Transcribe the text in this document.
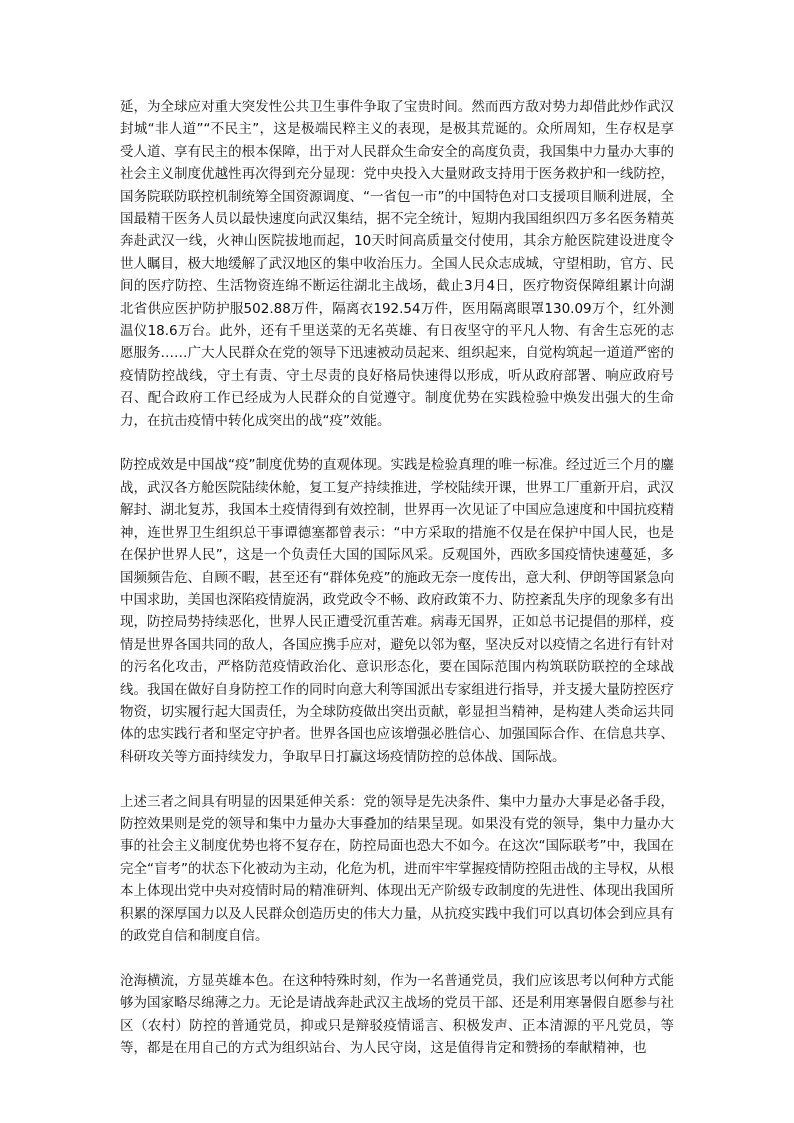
延，为全球应对重大突发性公共卫生事件争取了宝贵时间。然而西方敌对势力却借此炒作武汉封城“非人道”“不民主”，这是极端民粹主义的表现，是极其荒诞的。众所周知，生存权是享受人道、享有民主的根本保障，出于对人民群众生命安全的高度负责，我国集中力量办大事的社会主义制度优越性再次得到充分显现：党中央投入大量财政支持用于医务救护和一线防控，国务院联防联控机制统筹全国资源调度、“一省包一市”的中国特色对口支援项目顺利进展，全国最精干医务人员以最快速度向武汉集结，据不完全统计，短期内我国组织四万多名医务精英奔赴武汉一线，火神山医院拔地而起，10天时间高质量交付使用，其余方舱医院建设进度令世人瞩目，极大地缓解了武汉地区的集中收治压力。全国人民众志成城，守望相助，官方、民间的医疗防控、生活物资连绵不断运往湖北主战场，截止3月4日，医疗物资保障组累计向湖北省供应医护防护服502.88万件，隔离衣192.54万件，医用隔离眼罩130.09万个，红外测温仪18.6万台。此外，还有千里送菜的无名英雄、有日夜坚守的平凡人物、有舍生忘死的志愿服务……广大人民群众在党的领导下迅速被动员起来、组织起来，自觉构筑起一道道严密的疫情防控战线，守土有责、守土尽责的良好格局快速得以形成，听从政府部署、响应政府号召、配合政府工作已经成为人民群众的自觉遵守。制度优势在实践检验中焕发出强大的生命力，在抗击疫情中转化成突出的战“疫”效能。

防控成效是中国战“疫”制度优势的直观体现。实践是检验真理的唯一标准。经过近三个月的鏖战，武汉各方舱医院陆续休舱，复工复产持续推进，学校陆续开课，世界工厂重新开启，武汉解封、湖北复苏，我国本土疫情得到有效控制，世界再一次见证了中国应急速度和中国抗疫精神，连世界卫生组织总干事谭德塞都曾表示：“中方采取的措施不仅是在保护中国人民，也是在保护世界人民”，这是一个负责任大国的国际风采。反观国外，西欧多国疫情快速蔓延，多国频频告危、自顾不暇，甚至还有“群体免疫”的施政无奈一度传出，意大利、伊朗等国紧急向中国求助，美国也深陷疫情旋涡，政党政令不畅、政府政策不力、防控紊乱失序的现象多有出现，防控局势持续恶化，世界人民正遭受沉重苦难。病毒无国界，正如总书记提倡的那样，疫情是世界各国共同的敌人，各国应携手应对，避免以邻为壑，坚决反对以疫情之名进行有针对的污名化攻击，严格防范疫情政治化、意识形态化，要在国际范围内构筑联防联控的全球战线。我国在做好自身防控工作的同时向意大利等国派出专家组进行指导，并支援大量防控医疗物资，切实履行起大国责任，为全球防疫做出突出贡献，彰显担当精神，是构建人类命运共同体的忠实践行者和坚定守护者。世界各国也应该增强必胜信心、加强国际合作、在信息共享、科研攻关等方面持续发力，争取早日打赢这场疫情防控的总体战、国际战。

上述三者之间具有明显的因果延伸关系：党的领导是先决条件、集中力量办大事是必备手段，防控效果则是党的领导和集中力量办大事叠加的结果呈现。如果没有党的领导，集中力量办大事的社会主义制度优势也将不复存在，防控局面也恐大不如今。在这次“国际联考”中，我国在完全“盲考”的状态下化被动为主动，化危为机，进而牢牢掌握疫情防控阻击战的主导权，从根本上体现出党中央对疫情时局的精准研判、体现出无产阶级专政制度的先进性、体现出我国所积累的深厚国力以及人民群众创造历史的伟大力量，从抗疫实践中我们可以真切体会到应具有的政党自信和制度自信。

沧海横流，方显英雄本色。在这种特殊时刻，作为一名普通党员，我们应该思考以何种方式能够为国家略尽绵薄之力。无论是请战奔赴武汉主战场的党员干部、还是利用寒暑假自愿参与社区（农村）防控的普通党员，抑或只是辩驳疫情谣言、积极发声、正本清源的平凡党员，等等，都是在用自己的方式为组织站台、为人民守岗，这是值得肯定和赞扬的奉献精神，也
